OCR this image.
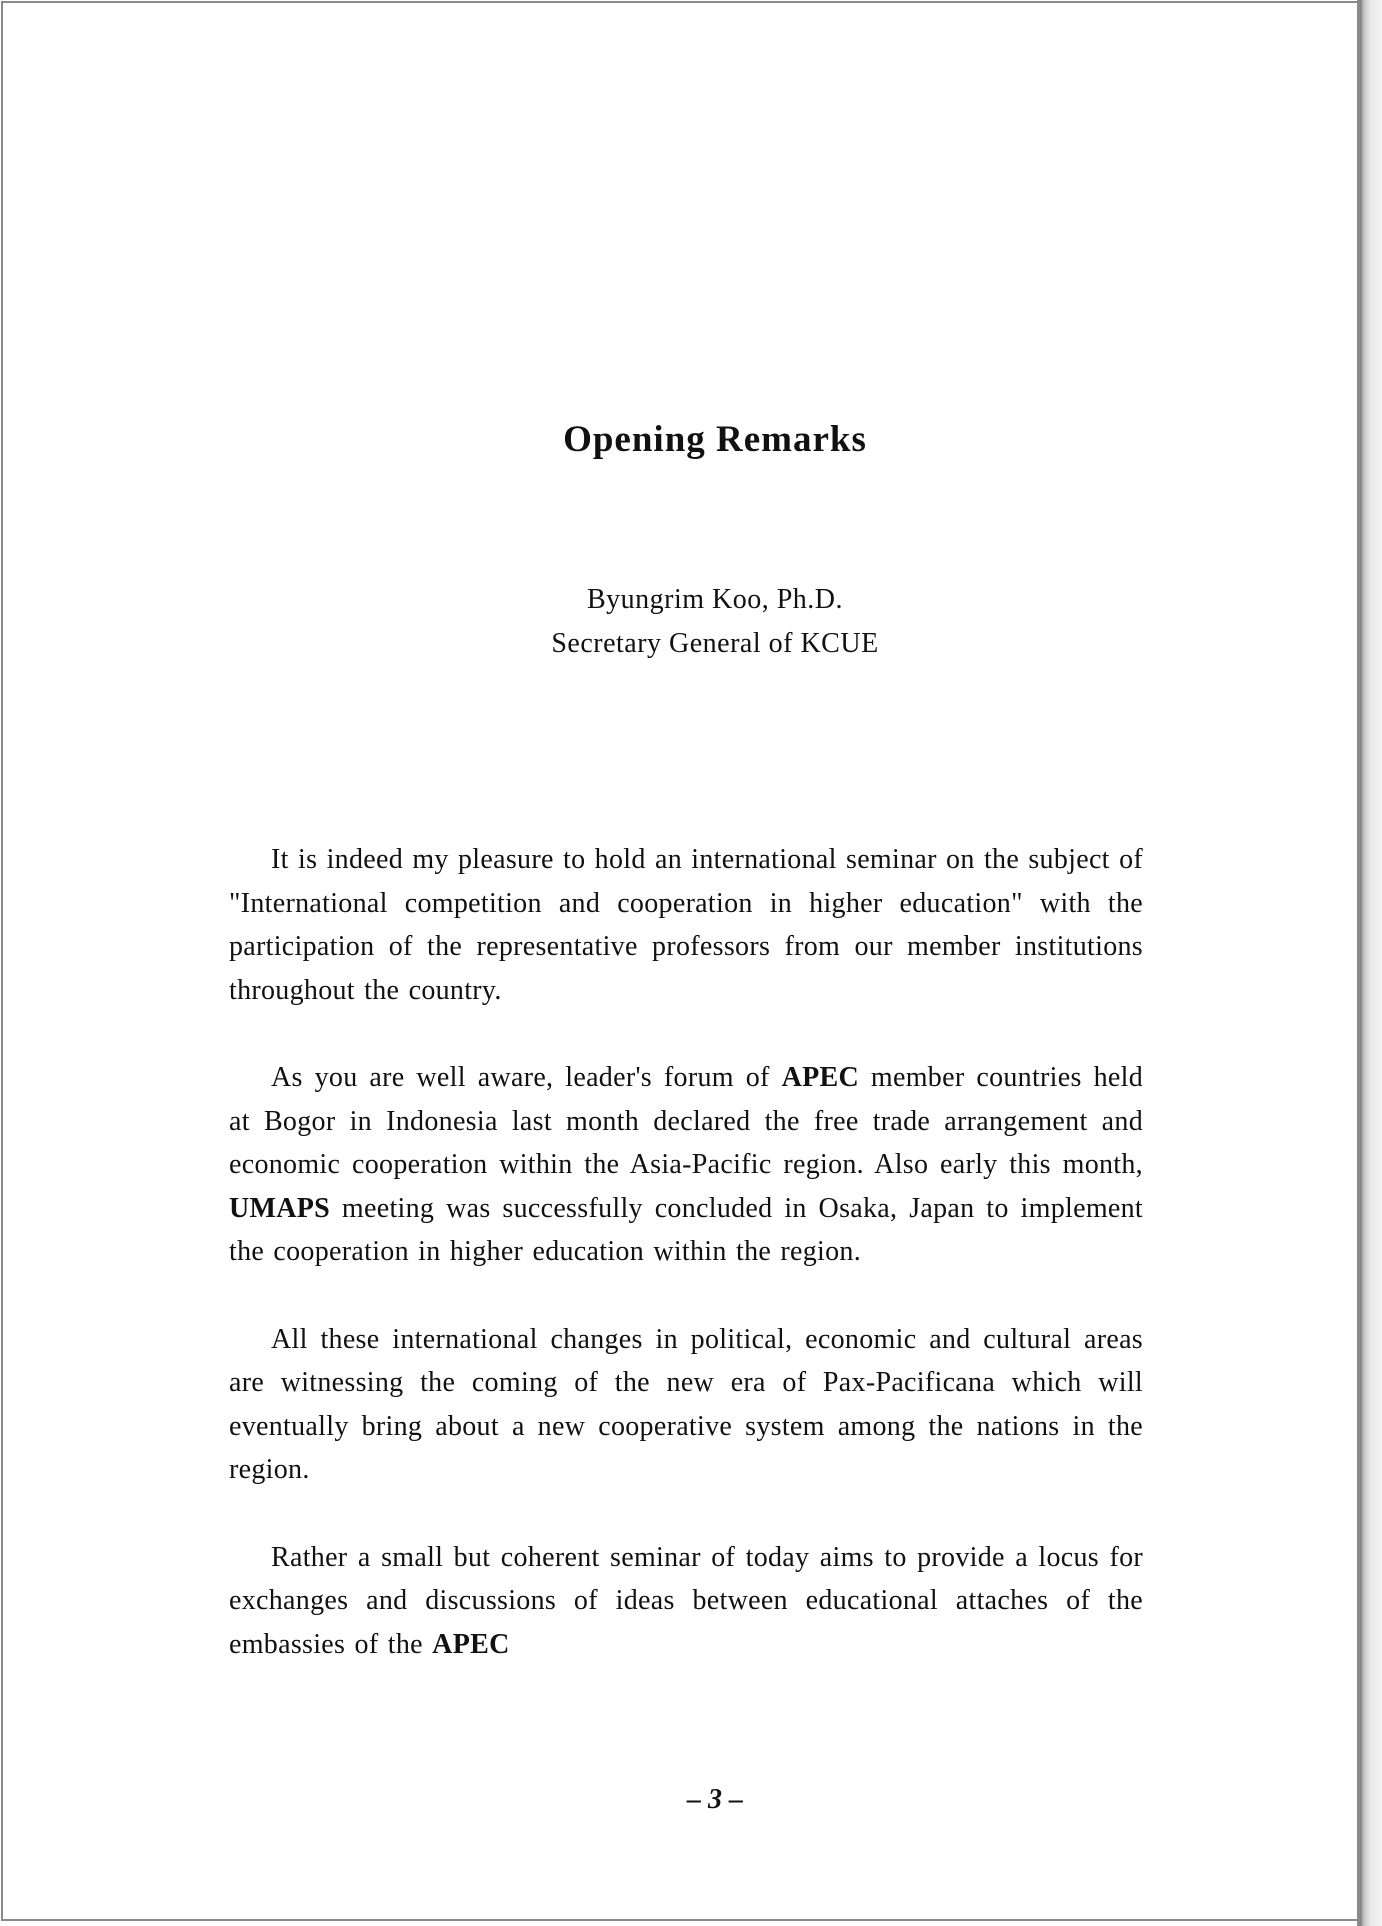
Opening Remarks
Byungrim Koo, Ph.D.
Secretary General of KCUE

It is indeed my pleasure to hold an international seminar on the subject of "International competition and cooperation in higher education" with the participation of the representative professors from our member institutions throughout the country.

As you are well aware, leader's forum of APEC member countries held at Bogor in Indonesia last month declared the free trade arrangement and economic cooperation within the Asia-Pacific region. Also early this month, UMAPS meeting was successfully concluded in Osaka, Japan to implement the cooperation in higher education within the region.

All these international changes in political, economic and cultural areas are witnessing the coming of the new era of Pax-Pacificana which will eventually bring about a new cooperative system among the nations in the region.

Rather a small but coherent seminar of today aims to provide a locus for exchanges and discussions of ideas between educational attaches of the embassies of the APEC

– 3 –
